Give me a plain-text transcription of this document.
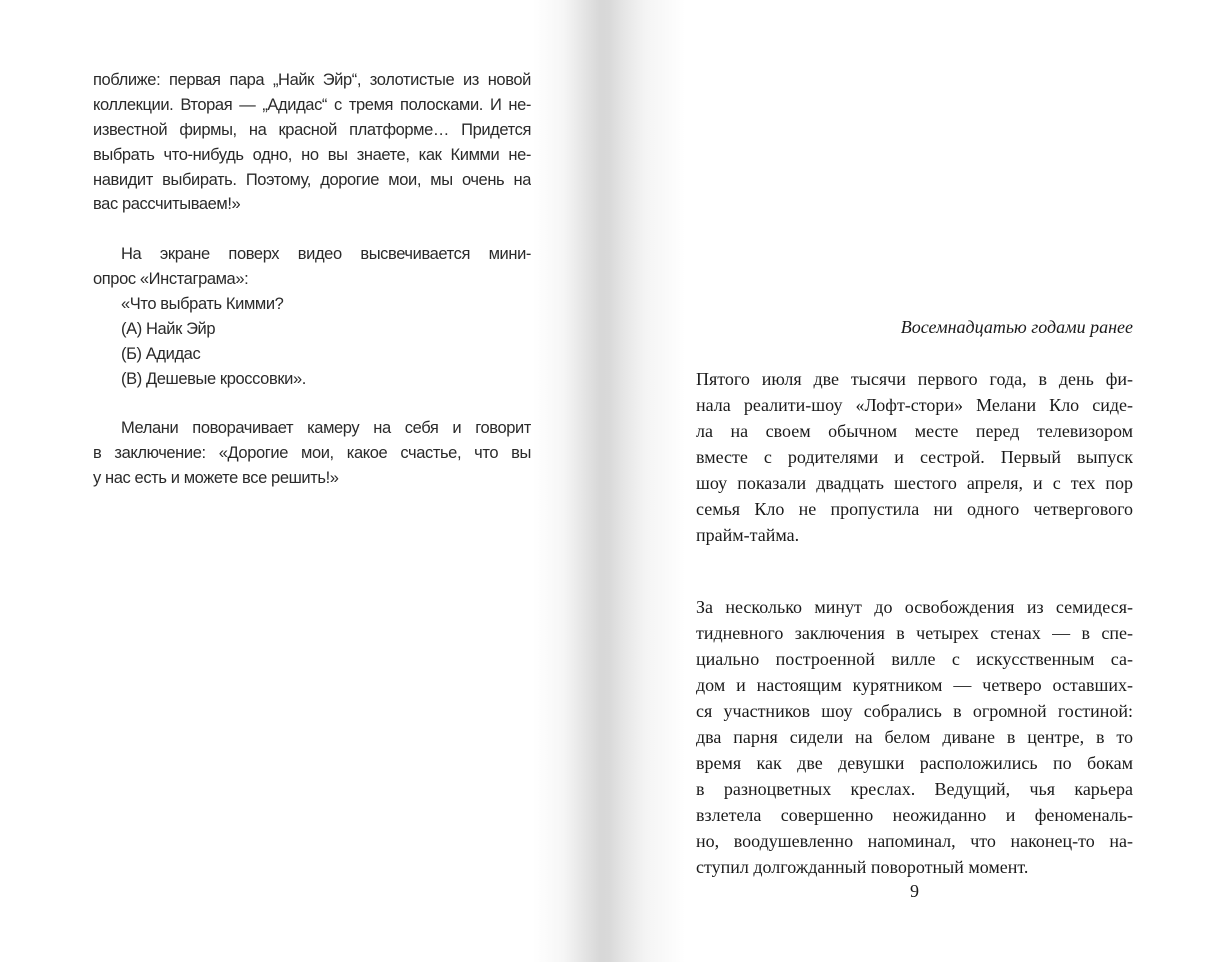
поближе: первая пара „Найк Эйр“, золотистые из новой
коллекции. Вторая — „Адидас“ с тремя полосками. И не-
известной фирмы, на красной платформе… Придется
выбрать что-нибудь одно, но вы знаете, как Кимми не-
навидит выбирать. Поэтому, дорогие мои, мы очень на
вас рассчитываем!»
На экране поверх видео высвечивается мини-
опрос «Инстаграма»:
«Что выбрать Кимми?
(А) Найк Эйр
(Б) Адидас
(В) Дешевые кроссовки».
Мелани поворачивает камеру на себя и говорит
в заключение: «Дорогие мои, какое счастье, что вы
у нас есть и можете все решить!»
Восемнадцатью годами ранее
Пятого июля две тысячи первого года, в день фи-
нала реалити-шоу «Лофт-стори» Мелани Кло сиде-
ла на своем обычном месте перед телевизором
вместе с родителями и сестрой. Первый выпуск
шоу показали двадцать шестого апреля, и с тех пор
семья Кло не пропустила ни одного четвергового
прайм-тайма.
За несколько минут до освобождения из семидеся-
тидневного заключения в четырех стенах — в спе-
циально построенной вилле с искусственным са-
дом и настоящим курятником — четверо оставших-
ся участников шоу собрались в огромной гостиной:
два парня сидели на белом диване в центре, в то
время как две девушки расположились по бокам
в разноцветных креслах. Ведущий, чья карьера
взлетела совершенно неожиданно и феноменаль-
но, воодушевленно напоминал, что наконец-то на-
ступил долгожданный поворотный момент.
9
